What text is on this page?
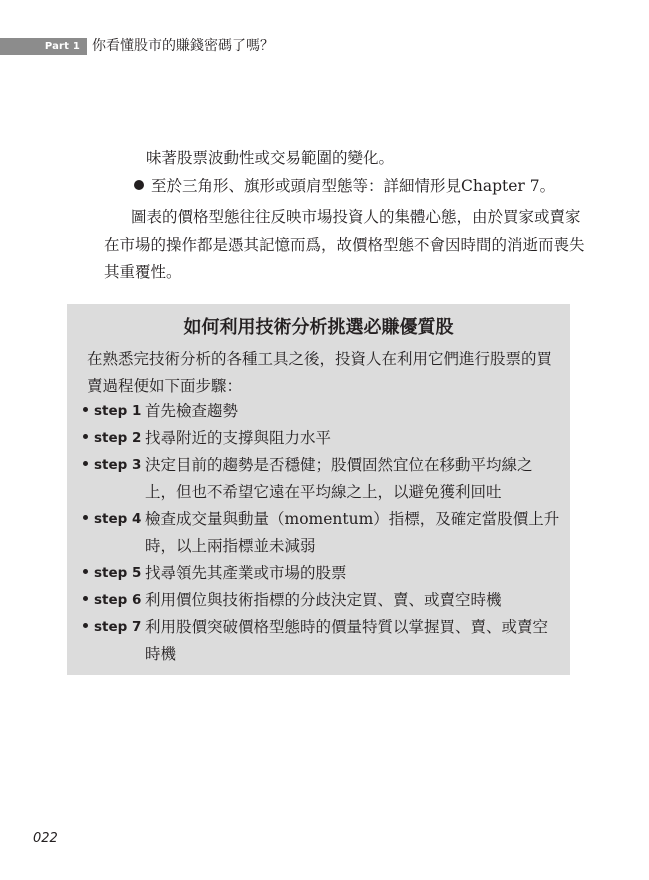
Part 1 你看懂股市的賺錢密碼了嗎？
味著股票波動性或交易範圍的變化。
至於三角形、旗形或頭肩型態等：詳細情形見Chapter 7。
圖表的價格型態往往反映市場投資人的集體心態，由於買家或賣家
在市場的操作都是憑其記憶而爲，故價格型態不會因時間的消逝而喪失
其重覆性。
如何利用技術分析挑選必賺優質股
在熟悉完技術分析的各種工具之後，投資人在利用它們進行股票的買
賣過程便如下面步驟：
step 1 首先檢查趨勢
step 2 找尋附近的支撐與阻力水平
step 3 決定目前的趨勢是否穩健；股價固然宜位在移動平均線之
上，但也不希望它遠在平均線之上，以避免獲利回吐
step 4 檢查成交量與動量（momentum）指標，及確定當股價上升
時，以上兩指標並未減弱
step 5 找尋領先其產業或市場的股票
step 6 利用價位與技術指標的分歧決定買、賣、或賣空時機
step 7 利用股價突破價格型態時的價量特質以掌握買、賣、或賣空
時機
022
